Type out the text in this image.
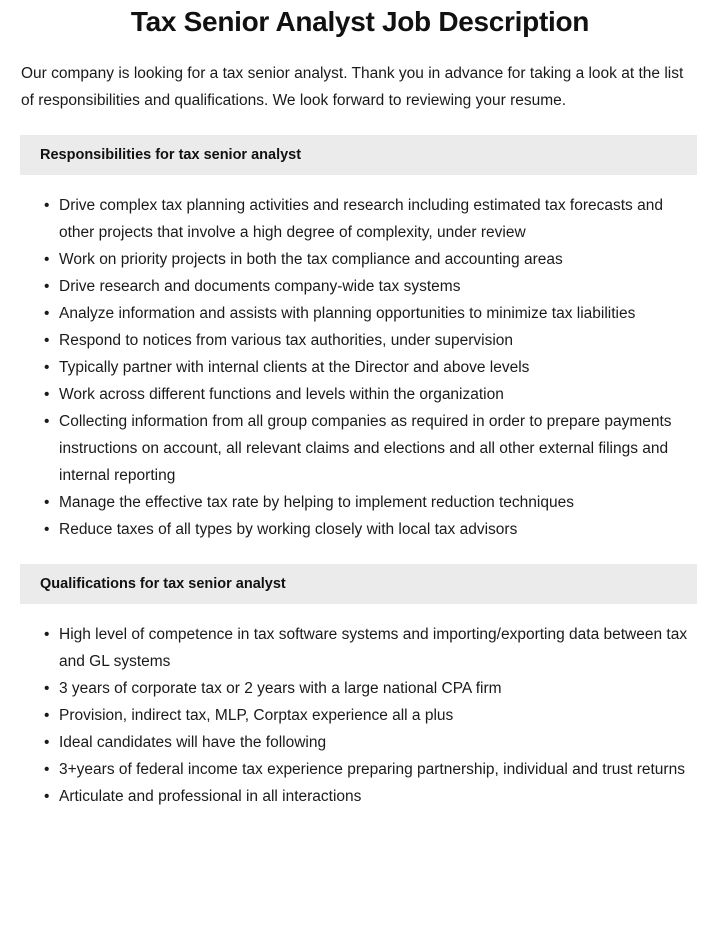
Tax Senior Analyst Job Description

Our company is looking for a tax senior analyst. Thank you in advance for taking a look at the list of responsibilities and qualifications. We look forward to reviewing your resume.

Responsibilities for tax senior analyst
• Drive complex tax planning activities and research including estimated tax forecasts and other projects that involve a high degree of complexity, under review
• Work on priority projects in both the tax compliance and accounting areas
• Drive research and documents company-wide tax systems
• Analyze information and assists with planning opportunities to minimize tax liabilities
• Respond to notices from various tax authorities, under supervision
• Typically partner with internal clients at the Director and above levels
• Work across different functions and levels within the organization
• Collecting information from all group companies as required in order to prepare payments instructions on account, all relevant claims and elections and all other external filings and internal reporting
• Manage the effective tax rate by helping to implement reduction techniques
• Reduce taxes of all types by working closely with local tax advisors
Qualifications for tax senior analyst
• High level of competence in tax software systems and importing/exporting data between tax and GL systems
• 3 years of corporate tax or 2 years with a large national CPA firm
• Provision, indirect tax, MLP, Corptax experience all a plus
• Ideal candidates will have the following
• 3+years of federal income tax experience preparing partnership, individual and trust returns
• Articulate and professional in all interactions
